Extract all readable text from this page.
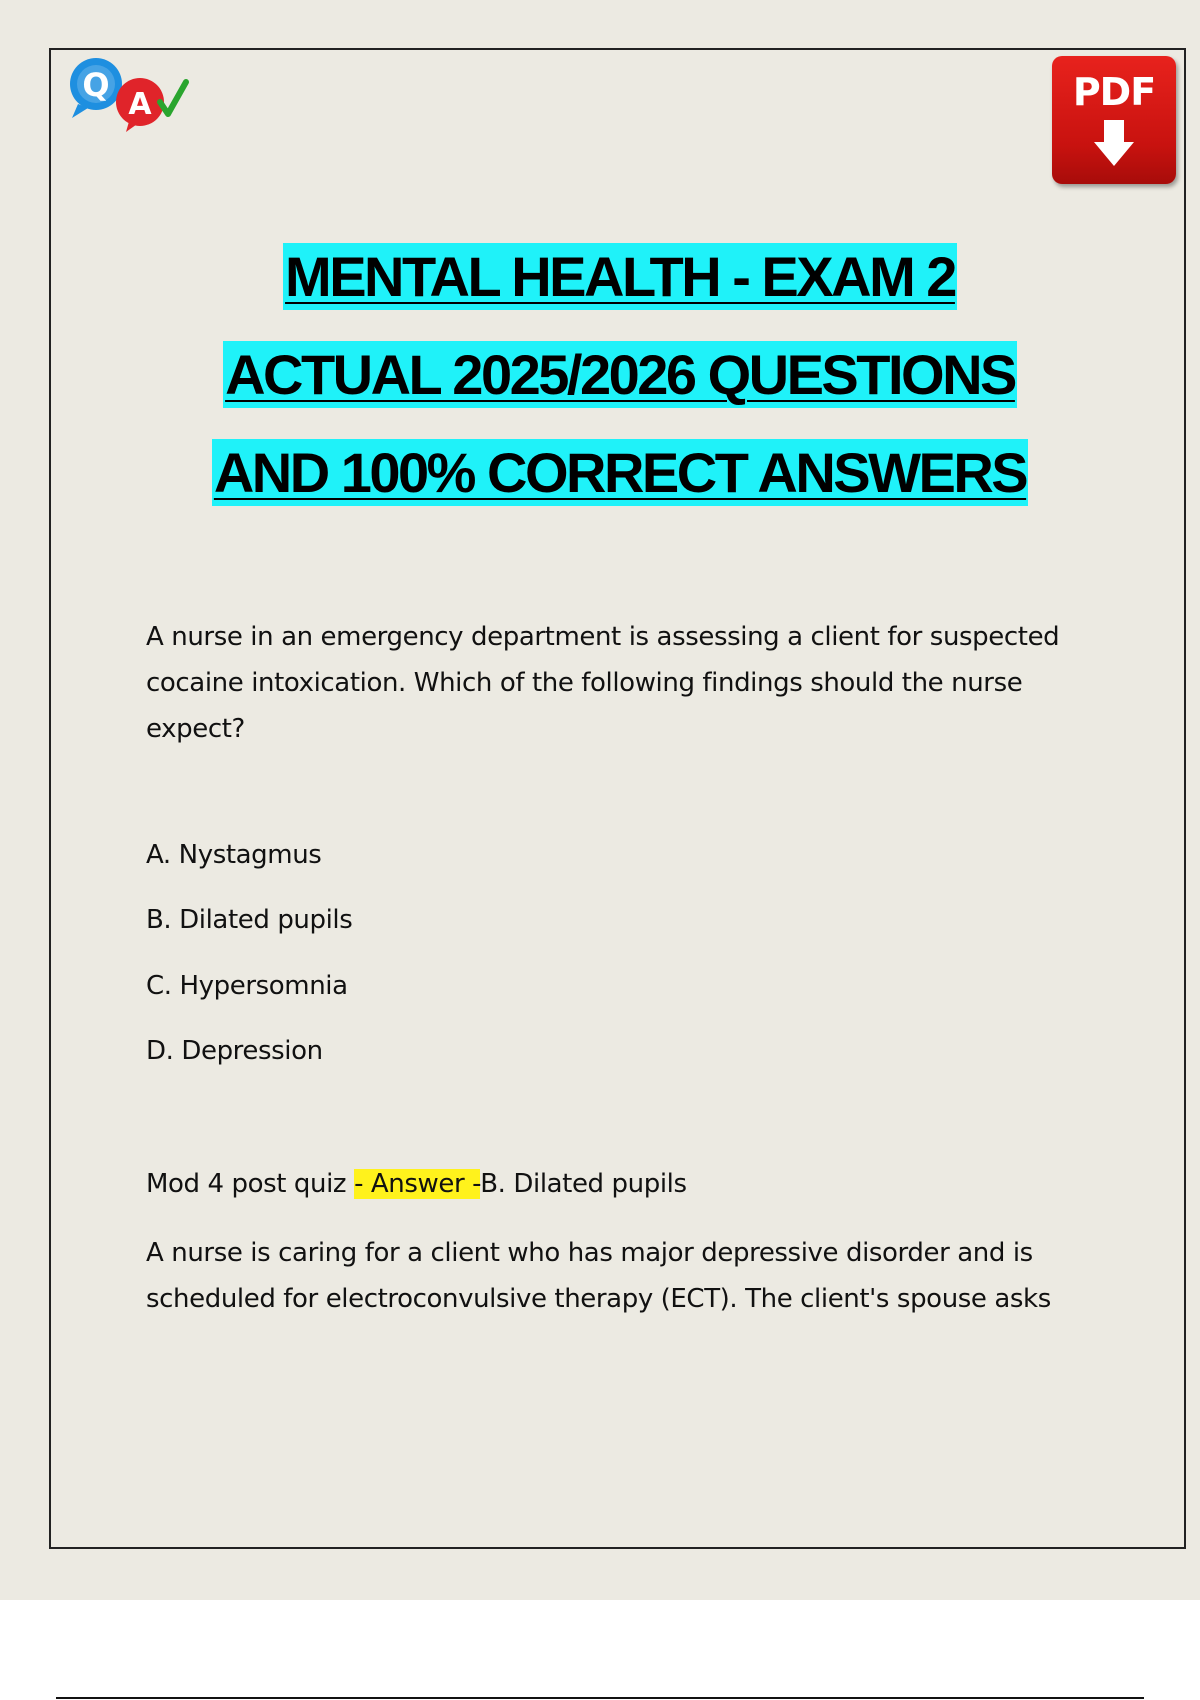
Q
A	PDF
MENTAL HEALTH - EXAM 2
ACTUAL 2025/2026 QUESTIONS
AND 100% CORRECT ANSWERS
A nurse in an emergency department is assessing a client for suspected cocaine intoxication. Which of the following findings should the nurse expect?
A. Nystagmus
B. Dilated pupils
C. Hypersomnia
D. Depression
Mod 4 post quiz - Answer -B. Dilated pupils
A nurse is caring for a client who has major depressive disorder and is scheduled for electroconvulsive therapy (ECT). The client's spouse asks
